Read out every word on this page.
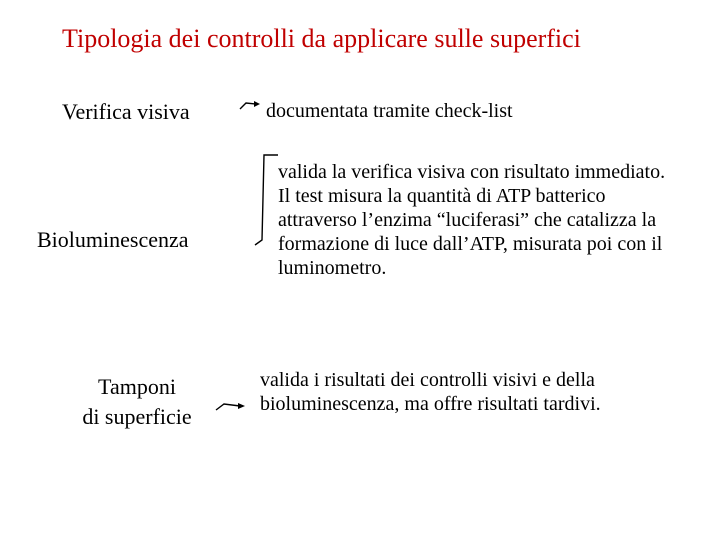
Tipologia dei controlli da applicare sulle superfici
Verifica visiva	documentata tramite check-list
Bioluminescenza
valida la verifica visiva con risultato immediato. Il test misura la quantità di ATP batterico attraverso l’enzima “luciferasi” che catalizza la formazione di luce dall’ATP, misurata poi con il luminometro.
Tamponi
di superficie
valida i risultati dei controlli visivi e della bioluminescenza, ma offre risultati tardivi.
